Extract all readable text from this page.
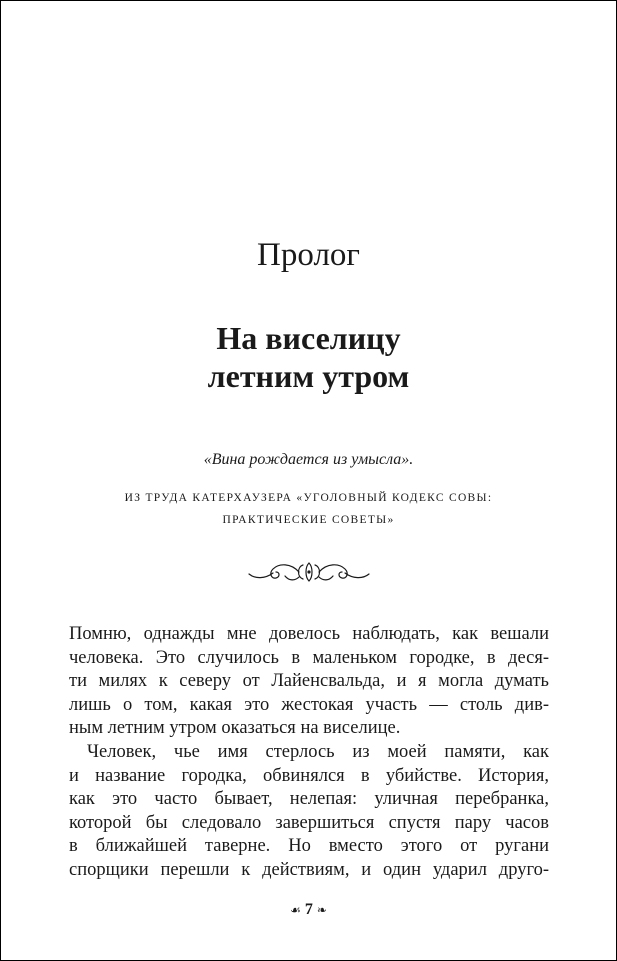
Пролог
На виселицу
летним утром
«Вина рождается из умысла».
ИЗ ТРУДА КАТЕРХАУЗЕРА «УГОЛОВНЫЙ КОДЕКС СОВЫ:
ПРАКТИЧЕСКИЕ СОВЕТЫ»
Помню, однажды мне довелось наблюдать, как вешали
человека. Это случилось в маленьком городке, в деся-
ти милях к северу от Лайенсвальда, и я могла думать
лишь о том, какая это жестокая участь — столь див-
ным летним утром оказаться на виселице.
Человек, чье имя стерлось из моей памяти, как
и название городка, обвинялся в убийстве. История,
как это часто бывает, нелепая: уличная перебранка,
которой бы следовало завершиться спустя пару часов
в ближайшей таверне. Но вместо этого от ругани
спорщики перешли к действиям, и один ударил друго-
☙ 7 ❧
